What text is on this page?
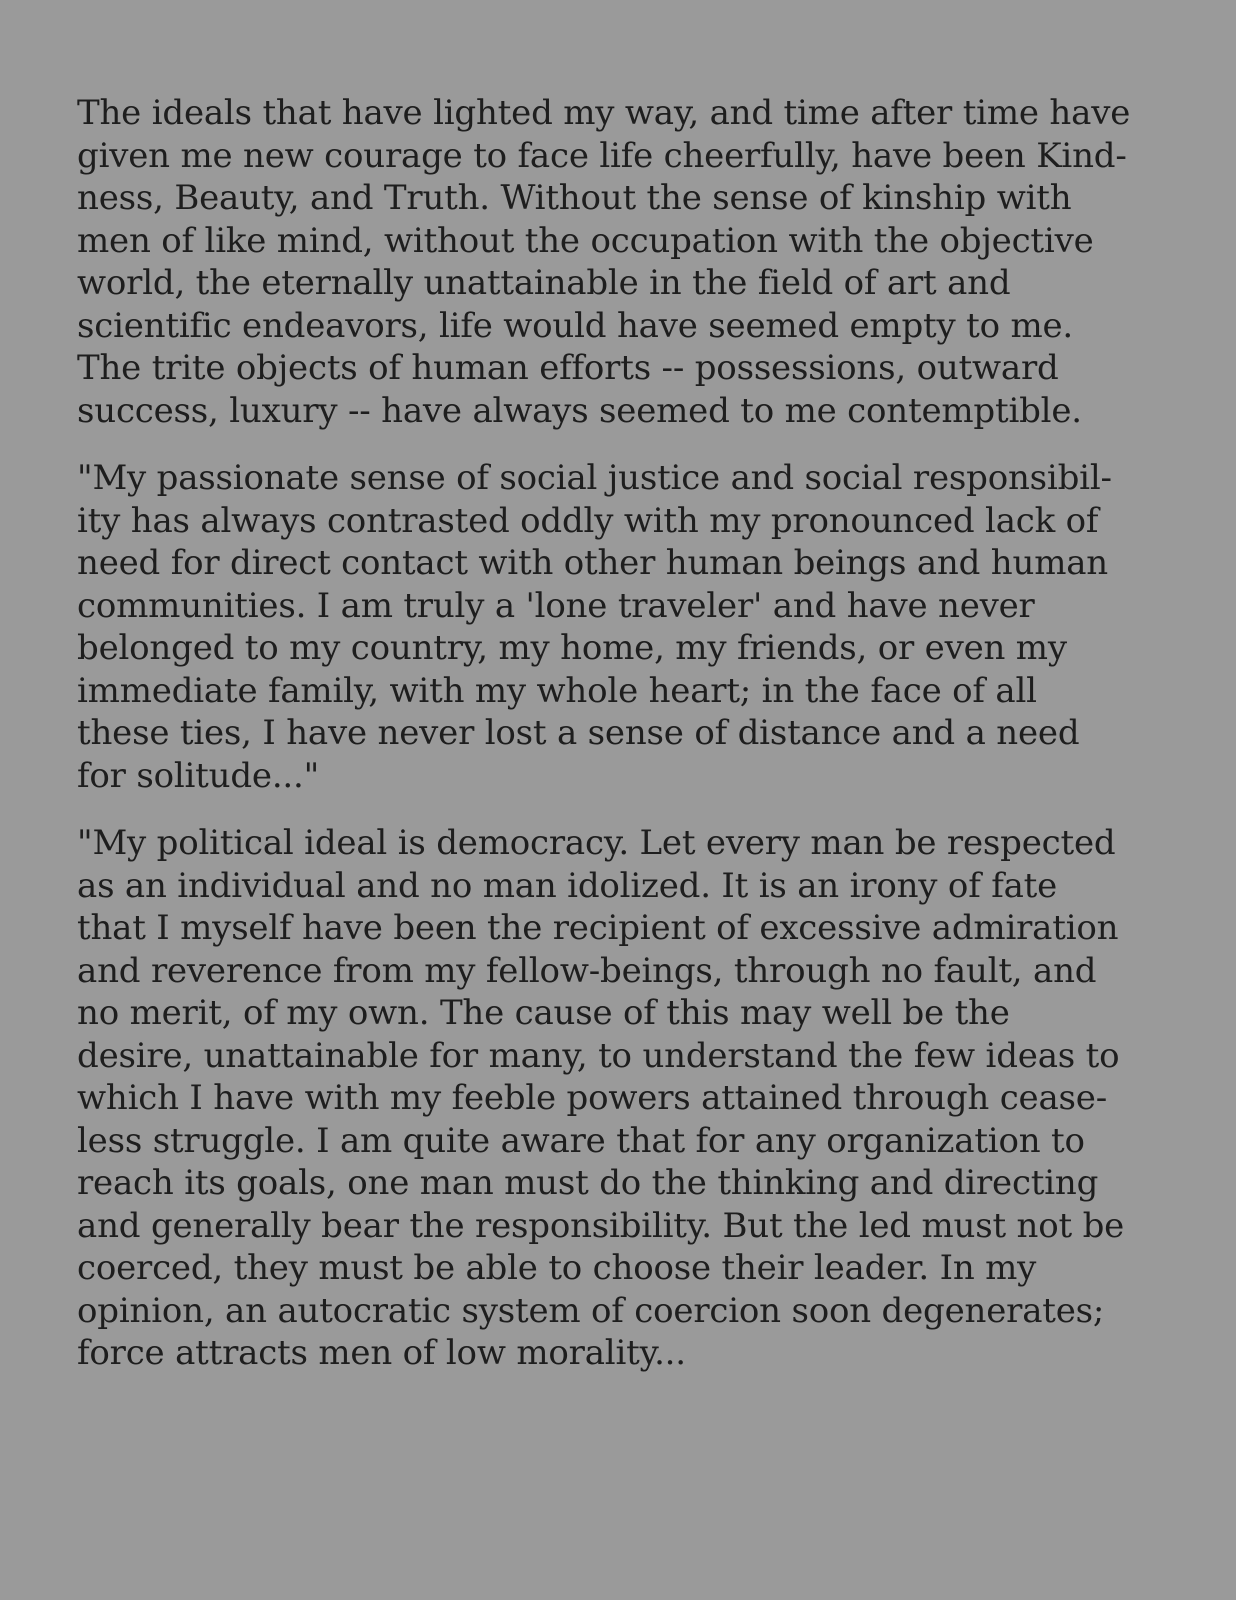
The ideals that have lighted my way, and time after time have
given me new courage to face life cheerfully, have been Kind-
ness, Beauty, and Truth. Without the sense of kinship with
men of like mind, without the occupation with the objective
world, the eternally unattainable in the field of art and
scientific endeavors, life would have seemed empty to me.
The trite objects of human efforts -- possessions, outward
success, luxury -- have always seemed to me contemptible.
"My passionate sense of social justice and social responsibil-
ity has always contrasted oddly with my pronounced lack of
need for direct contact with other human beings and human
communities. I am truly a 'lone traveler' and have never
belonged to my country, my home, my friends, or even my
immediate family, with my whole heart; in the face of all
these ties, I have never lost a sense of distance and a need
for solitude..."
"My political ideal is democracy. Let every man be respected
as an individual and no man idolized. It is an irony of fate
that I myself have been the recipient of excessive admiration
and reverence from my fellow-beings, through no fault, and
no merit, of my own. The cause of this may well be the
desire, unattainable for many, to understand the few ideas to
which I have with my feeble powers attained through cease-
less struggle. I am quite aware that for any organization to
reach its goals, one man must do the thinking and directing
and generally bear the responsibility. But the led must not be
coerced, they must be able to choose their leader. In my
opinion, an autocratic system of coercion soon degenerates;
force attracts men of low morality...
